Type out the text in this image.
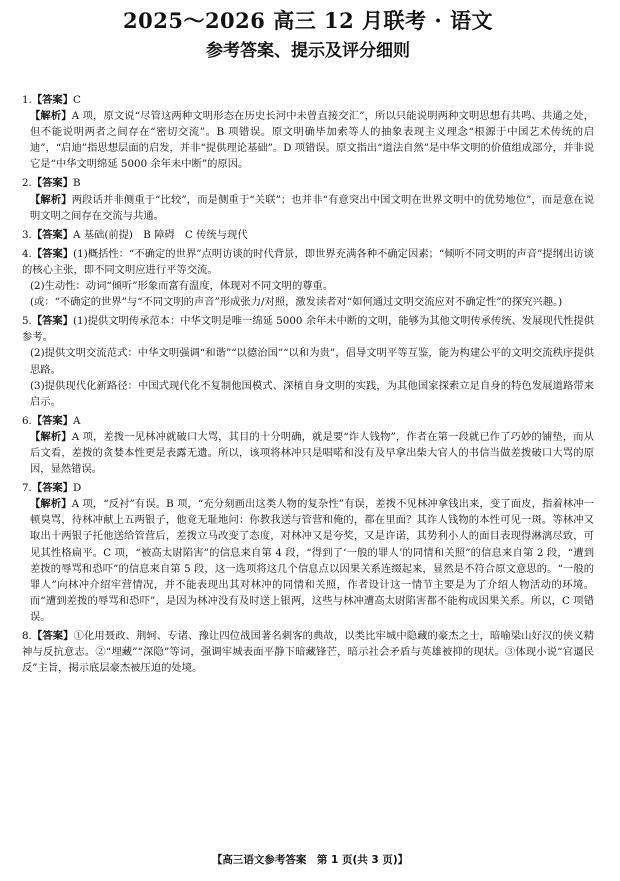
2025～2026 高三 12 月联考 · 语文
参考答案、提示及评分细则

1.【答案】C

【解析】A 项，原文说“尽管这两种文明形态在历史长河中未曾直接交汇”，所以只能说明两种文明思想有共鸣、共通之处，但不能说明两者之间存在“密切交流”。B 项错误。原文明确毕加索等人的抽象表现主义理念“根源于中国艺术传统的启迪”，“启迪”指思想层面的启发，并非“提供理论基础”。D 项错误。原文指出“道法自然”是中华文明的价值组成部分，并非说它是“中华文明绵延 5000 余年未中断”的原因。

2.【答案】B

【解析】两段话并非侧重于“比较”，而是侧重于“关联”；也并非“有意突出中国文明在世界文明中的优势地位”，而是意在说明文明之间存在交流与共通。

3.【答案】A 基础(前提)　B 障碍　C 传统与现代

4.【答案】(1)概括性：“不确定的世界”点明访谈的时代背景，即世界充满各种不确定因素；“倾听不同文明的声音”提纲出访谈的核心主张，即不同文明应进行平等交流。

(2)生动性：动词“倾听”形象而富有温度，体现对不同文明的尊重。

(或：“不确定的世界”与“不同文明的声音”形成张力/对照，激发读者对“如何通过文明交流应对不确定性”的探究兴趣。)

5.【答案】(1)提供文明传承范本：中华文明是唯一绵延 5000 余年未中断的文明，能够为其他文明传承传统、发展现代性提供参考。

(2)提供文明交流范式：中华文明强调“和谐”“以德治国”“以和为贵”，倡导文明平等互鉴，能为构建公平的文明交流秩序提供思路。

(3)提供现代化新路径：中国式现代化不复制他国模式、深植自身文明的实践，为其他国家探索立足自身的特色发展道路带来启示。

6.【答案】A

【解析】A 项，差拨一见林冲就破口大骂，其目的十分明确，就是要“诈人钱物”，作者在第一段就已作了巧妙的铺垫，而从后文看，差拨的贪婪本性更是表露无遗。所以，该项将林冲只是唱喏和没有及早拿出柴大官人的书信当做差拨破口大骂的原因，显然错误。

7.【答案】D

【解析】A 项，“反衬”有误。B 项，“充分刻画出这类人物的复杂性”有误，差拨不见林冲拿钱出来，变了面皮，指着林冲一顿臭骂，待林冲献上五两银子，他竟无耻地问：你教我送与管营和俺的，都在里面？其诈人钱物的本性可见一斑。等林冲又取出十两银子托他送给管营后，差拨立马改变了态度，对林冲又是夸奖，又是许诺，其势利小人的面目表现得淋漓尽致，可见其性格扁平。C 项，“被高太尉陷害”的信息来自第 4 段，“得到了‘一般的罪人’的同情和关照”的信息来自第 2 段，“遭到差拨的辱骂和恐吓”的信息来自第 5 段，这一选项将这几个信息点以因果关系连缀起来，显然是不符合原文意思的。“一般的罪人”向林冲介绍牢营情况，并不能表现出其对林冲的同情和关照，作者设计这一情节主要是为了介绍人物活动的环境。而“遭到差拨的辱骂和恐吓”，是因为林冲没有及时送上银两，这些与林冲遭高太尉陷害都不能构成因果关系。所以，C 项错误。

8.【答案】①化用聂政、荆轲、专诸、豫让四位战国著名刺客的典故，以类比牢城中隐藏的豪杰之士，暗喻梁山好汉的侠义精神与反抗意志。②“埋藏”“深隐”等词，强调牢城表面平静下暗藏锋芒，暗示社会矛盾与英雄被抑的现状。③体现小说“官逼民反”主旨，揭示底层豪杰被压迫的处境。

【高三语文参考答案　第 1 页(共 3 页)】
